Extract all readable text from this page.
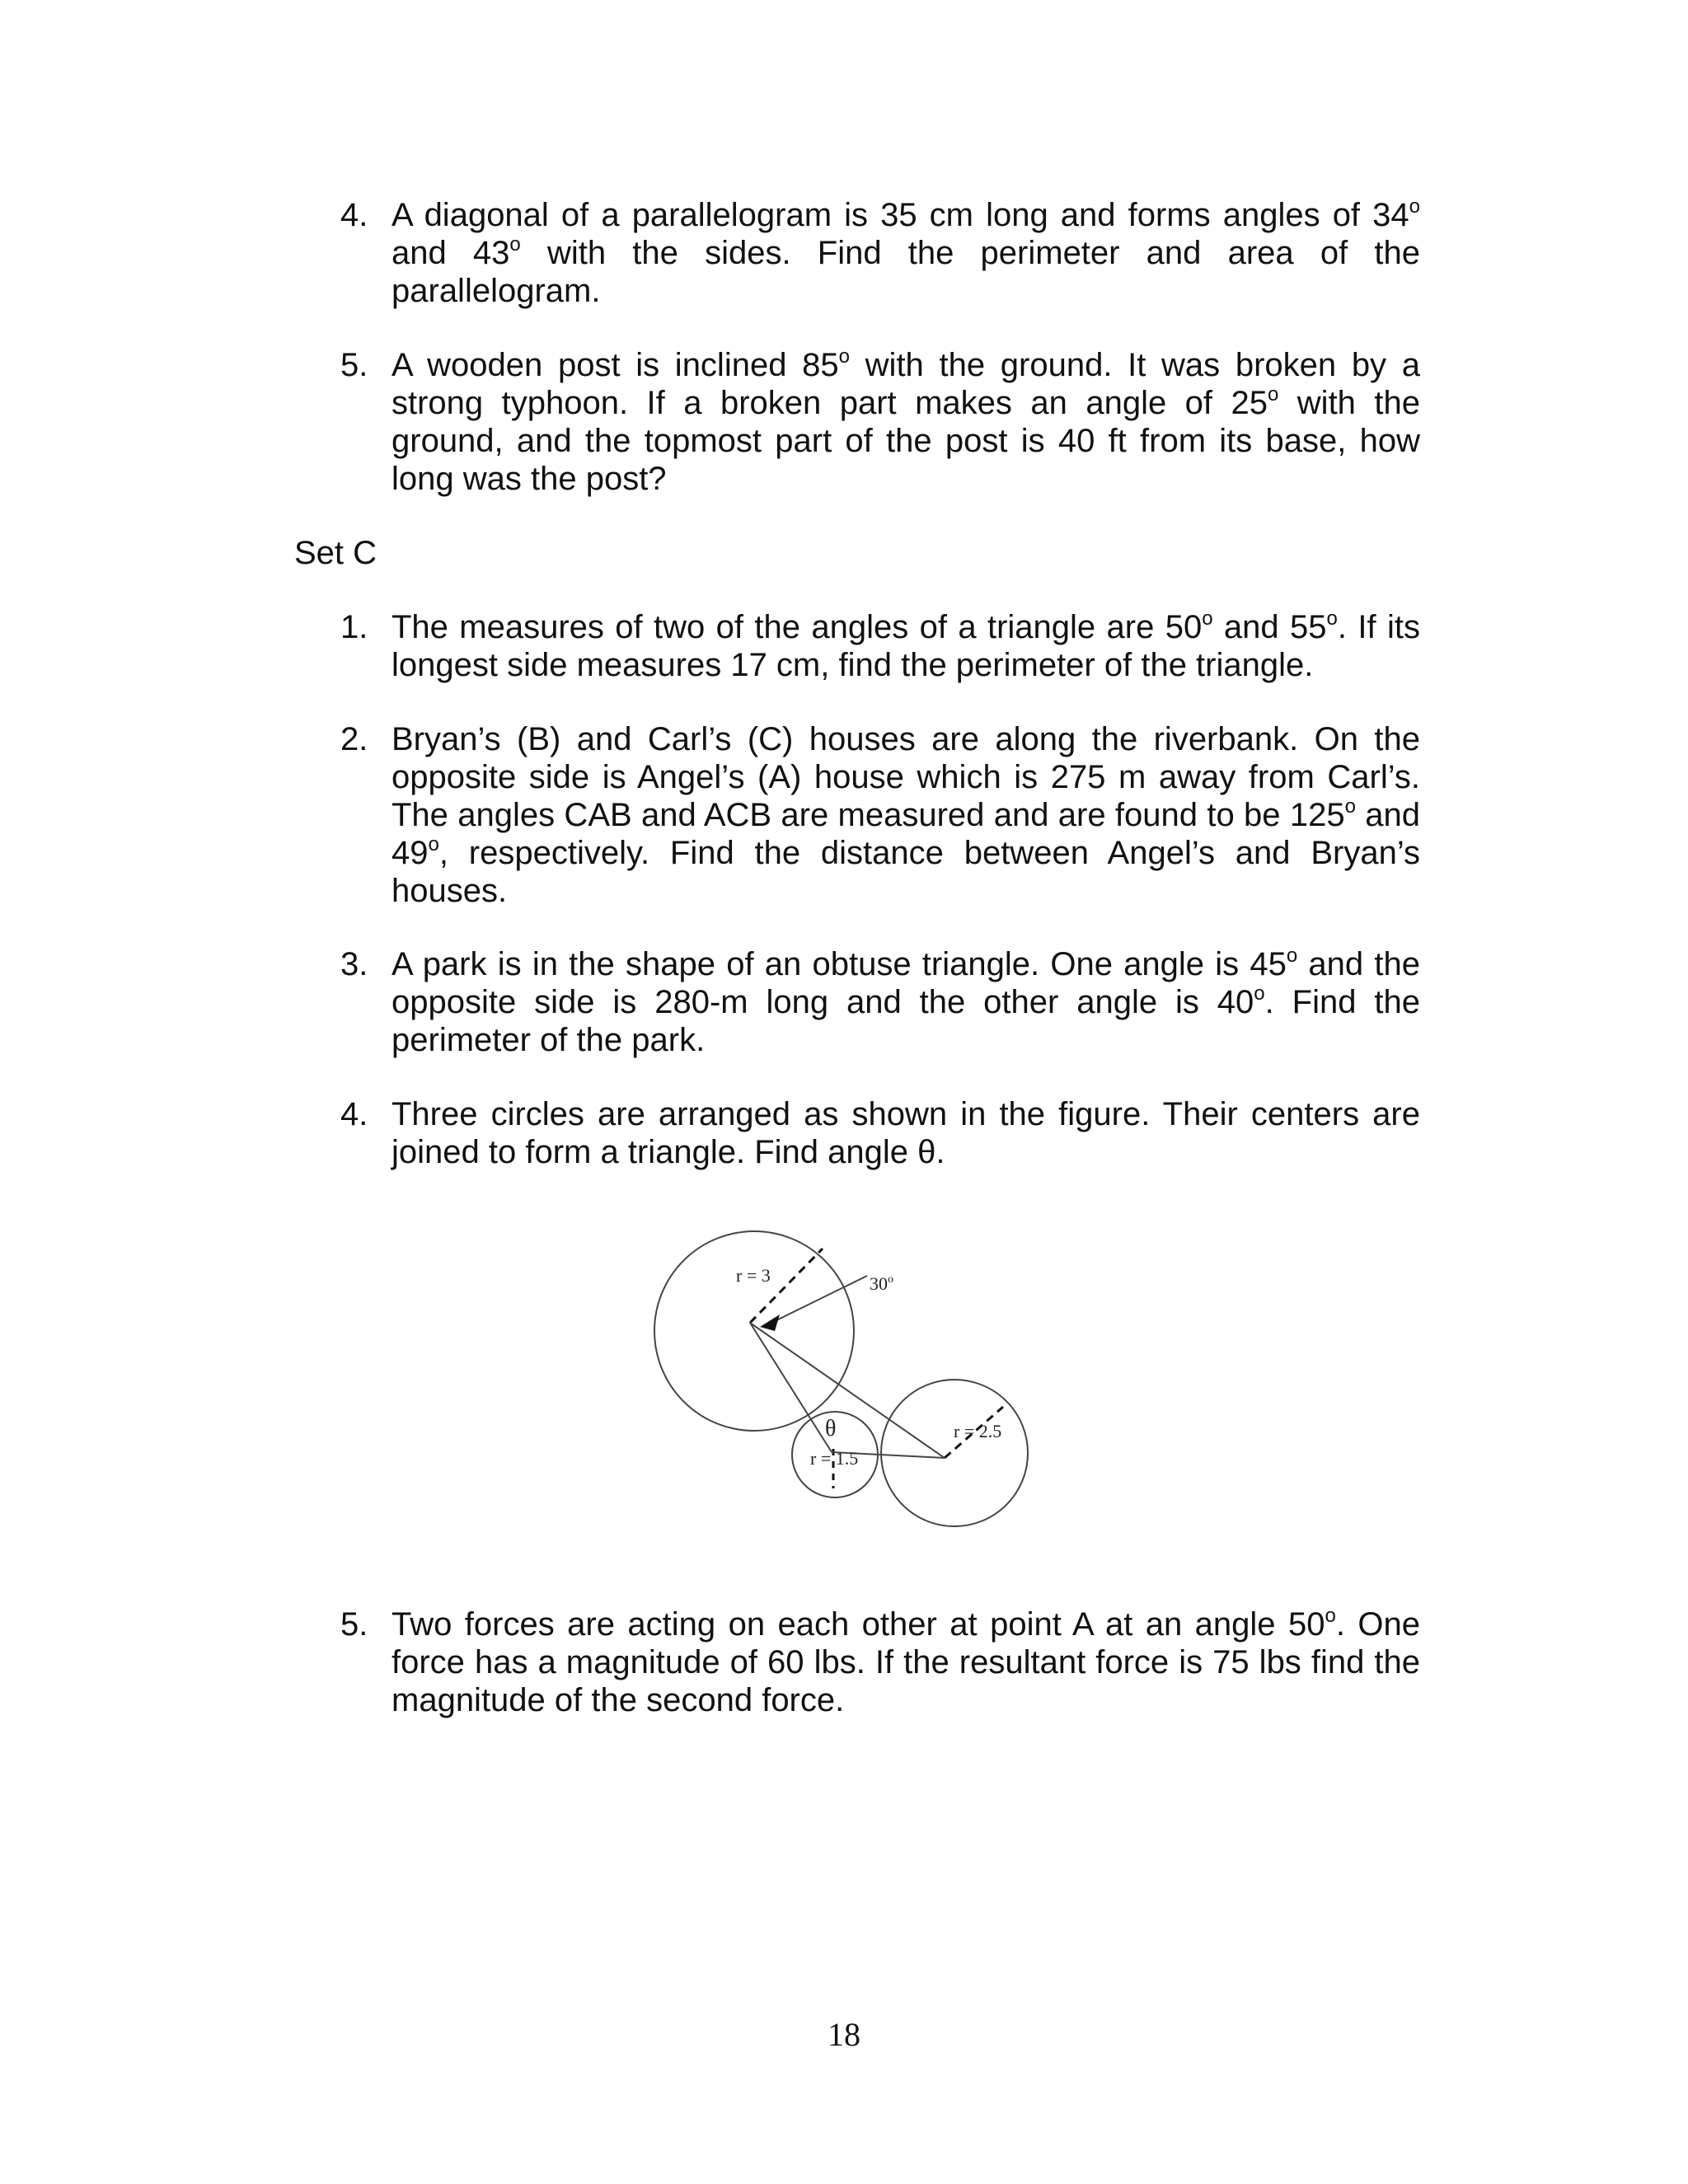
4. A diagonal of a parallelogram is 35 cm long and forms angles of 34$^o$
and 43$^o$ with the sides. Find the perimeter and area of the
parallelogram.
5. A wooden post is inclined 85$^o$ with the ground. It was broken by a
strong typhoon. If a broken part makes an angle of 25$^o$ with the
ground, and the topmost part of the post is 40 ft from its base, how
long was the post?
Set C
1. The measures of two of the angles of a triangle are 50$^o$ and 55$^o$. If its
longest side measures 17 cm, find the perimeter of the triangle.
2. Bryan’s (B) and Carl’s (C) houses are along the riverbank. On the
opposite side is Angel’s (A) house which is 275 m away from Carl’s.
The angles CAB and ACB are measured and are found to be 125$^o$ and
49$^o$, respectively. Find the distance between Angel’s and Bryan’s
houses.
3. A park is in the shape of an obtuse triangle. One angle is 45$^o$ and the
opposite side is 280-m long and the other angle is 40$^o$. Find the
perimeter of the park.
4. Three circles are arranged as shown in the figure. Their centers are
joined to form a triangle. Find angle θ.
r = 3	30$^o$
θ
r = 1.5
r = 2.5
5. Two forces are acting on each other at point A at an angle 50$^o$. One
force has a magnitude of 60 lbs. If the resultant force is 75 lbs find the
magnitude of the second force.
18
